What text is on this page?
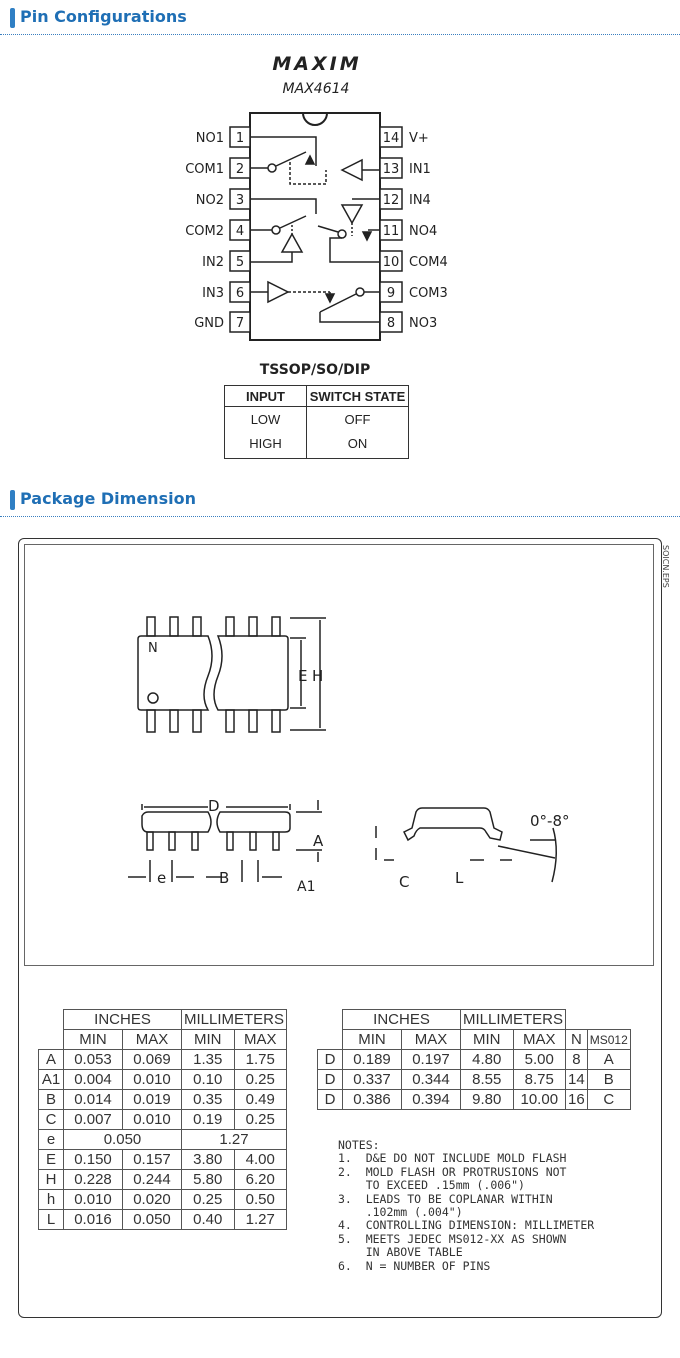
Pin Configurations
MAXIM
MAX4614
1
NO1
2
COM1
3
NO2
4
COM2
5
IN2
6
IN3
7
GND
14 V+
13 IN1
12 IN4
11 NO4
10 COM4
9 COM3
8 NO3
TSSOP/SO/DIP
INPUT	SWITCH STATE
LOW	OFF
HIGH	ON
Package Dimension
SOICN.EPS
N
E H
D
A
A1
e	B	C	L
0°-8°
	INCHES		MILLIMETERS	
	MIN	MAX	MIN	MAX
A	0.053	0.069	1.35	1.75
A1	0.004	0.010	0.10	0.25
B	0.014	0.019	0.35	0.49
C	0.007	0.010	0.19	0.25
e	0.050		1.27	
E	0.150	0.157	3.80	4.00
H	0.228	0.244	5.80	6.20
h	0.010	0.020	0.25	0.50
L	0.016	0.050	0.40	1.27
	INCHES		MILLIMETERS			
	MIN	MAX	MIN	MAX	N	MS012
D	0.189	0.197	4.80	5.00	8	A
D	0.337	0.344	8.55	8.75	14	B
D	0.386	0.394	9.80	10.00	16	C
NOTES:
1.  D&E DO NOT INCLUDE MOLD FLASH
2.  MOLD FLASH OR PROTRUSIONS NOT
TO EXCEED .15mm (.006")
3.  LEADS TO BE COPLANAR WITHIN
.102mm (.004")
4.  CONTROLLING DIMENSION: MILLIMETER
5.  MEETS JEDEC MS012-XX AS SHOWN
IN ABOVE TABLE
6.  N = NUMBER OF PINS
